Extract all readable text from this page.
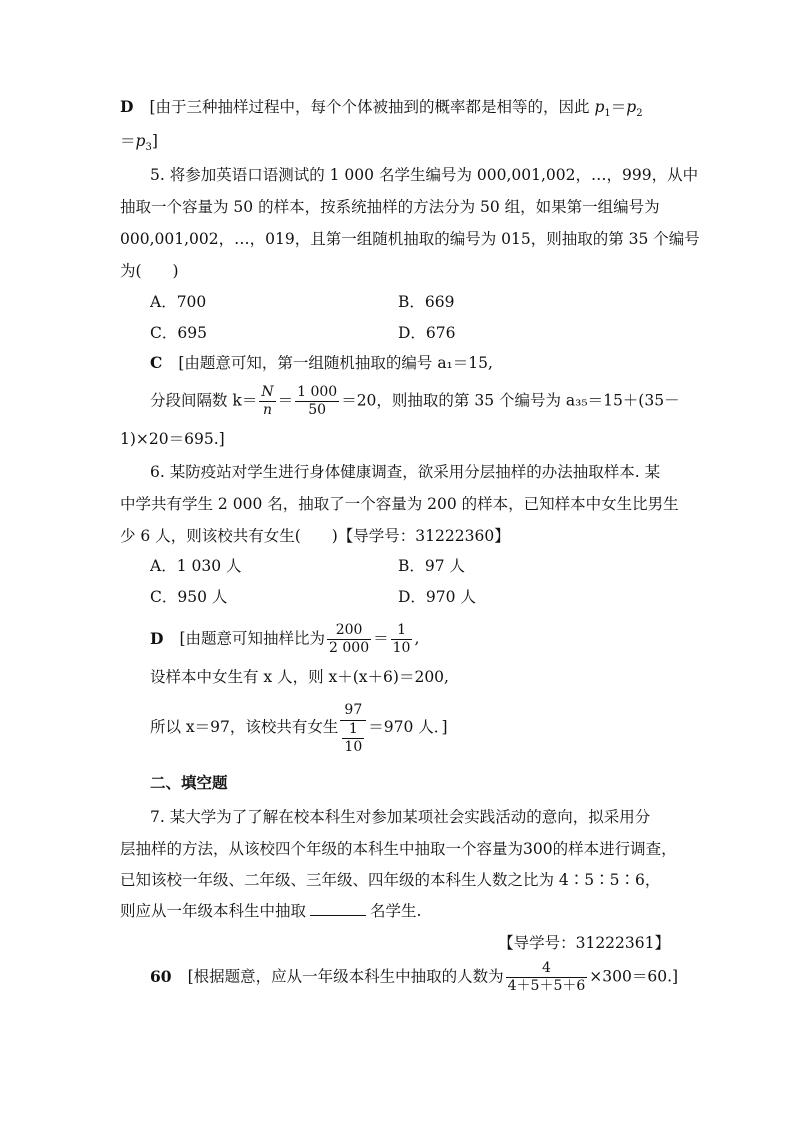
D [由于三种抽样过程中，每个个体被抽到的概率都是相等的，因此 $p_1=p_2$
$=p_3$]
5. 将参加英语口语测试的 1 000 名学生编号为 000,001,002，…，999，从中
抽取一个容量为 50 的样本，按系统抽样的方法分为 50 组，如果第一组编号为
000,001,002，…，019，且第一组随机抽取的编号为 015，则抽取的第 35 个编号
为(　　)
A．700	B．669
C．695	D．676
C [由题意可知，第一组随机抽取的编号 a₁＝15,
分段间隔数 $k= \frac{N}{n} = \frac{1 000}{50} =20$，则抽取的第 35 个编号为 a₃₅＝15＋(35－
1)×20＝695.]
6. 某防疫站对学生进行身体健康调查，欲采用分层抽样的办法抽取样本. 某
中学共有学生 2 000 名，抽取了一个容量为 200 的样本，已知样本中女生比男生
少 6 人，则该校共有女生(　　)【导学号：31222360】
A．1 030 人	B．97 人
C．950 人	D．970 人
D [由题意可知抽样比为 $\frac{200}{2 000} = \frac{1}{10}$ ,
设样本中女生有 x 人，则 x＋(x＋6)＝200,
所以 x＝97，该校共有女生 $\frac{97}{\frac{1}{10}} =970$ 人．]
二、填空题
7. 某大学为了了解在校本科生对参加某项社会实践活动的意向，拟采用分
层抽样的方法，从该校四个年级的本科生中抽取一个容量为300的样本进行调查，
已知该校一年级、二年级、三年级、四年级的本科生人数之比为 4∶5∶5∶6，
则应从一年级本科生中抽取	名学生.
【导学号：31222361】
60 [根据题意，应从一年级本科生中抽取的人数为 $\frac{4}{4+5+5+6} \times 300=60$.]
